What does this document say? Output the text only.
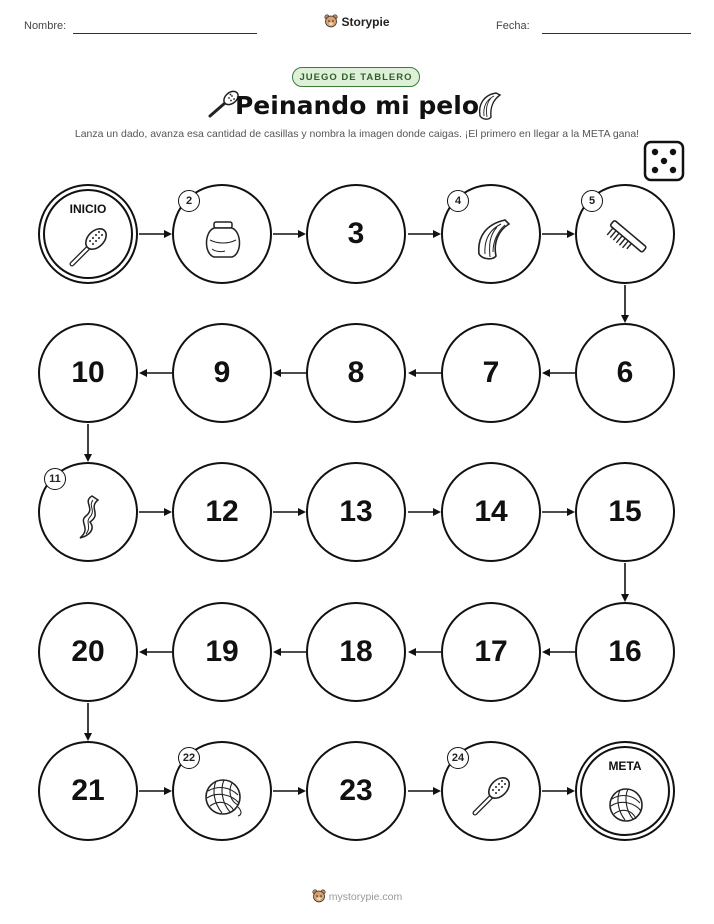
Nombre:	Storypie	Fecha:
JUEGO DE TABLERO
Peinando mi pelo
Lanza un dado, avanza esa cantidad de casillas y nombra la imagen donde caigas. ¡El primero en llegar a la META gana!
INICIO
2
3
4	5
10	9	8	7	6
11
12	13	14	15
20	19	18	17	16
21
22
23
24
META
mystorypie.com
